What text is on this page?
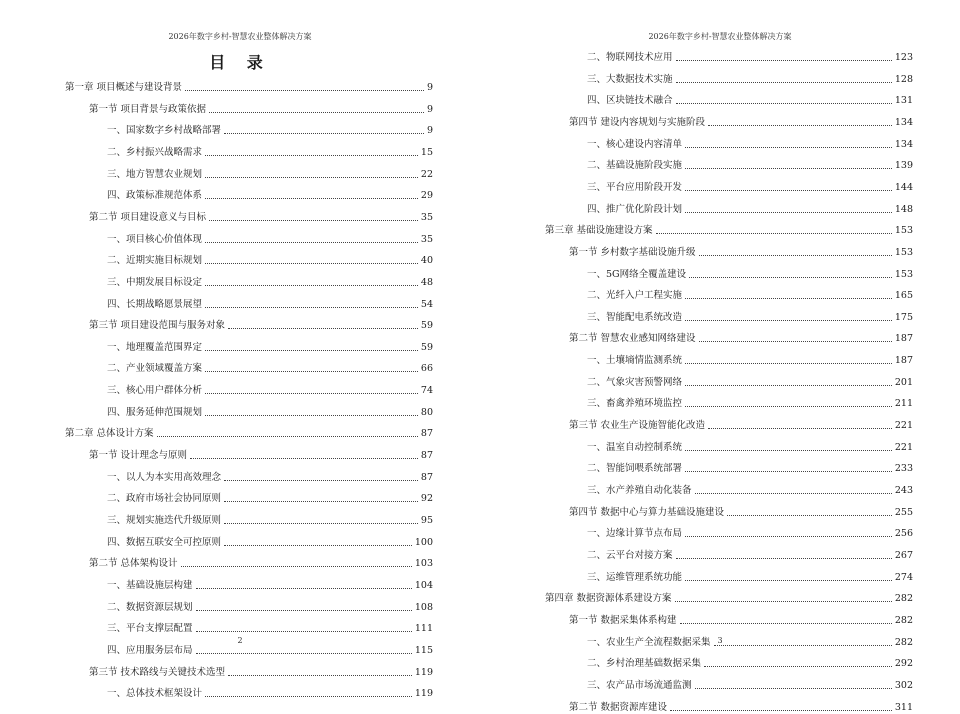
2026年数字乡村-智慧农业整体解决方案
目 录
第一章 项目概述与建设背景	9
第一节 项目背景与政策依据	9
一、国家数字乡村战略部署	9
二、乡村振兴战略需求	15
三、地方智慧农业规划	22
四、政策标准规范体系	29
第二节 项目建设意义与目标	35
一、项目核心价值体现	35
二、近期实施目标规划	40
三、中期发展目标设定	48
四、长期战略愿景展望	54
第三节 项目建设范围与服务对象	59
一、地理覆盖范围界定	59
二、产业领域覆盖方案	66
三、核心用户群体分析	74
四、服务延伸范围规划	80
第二章 总体设计方案	87
第一节 设计理念与原则	87
一、以人为本实用高效理念	87
二、政府市场社会协同原则	92
三、规划实施迭代升级原则	95
四、数据互联安全可控原则	100
第二节 总体架构设计	103
一、基础设施层构建	104
二、数据资源层规划	108
三、平台支撑层配置	111
四、应用服务层布局	115
第三节 技术路线与关键技术选型	119
一、总体技术框架设计	119
2
2026年数字乡村-智慧农业整体解决方案
二、物联网技术应用	123
三、大数据技术实施	128
四、区块链技术融合	131
第四节 建设内容规划与实施阶段	134
一、核心建设内容清单	134
二、基础设施阶段实施	139
三、平台应用阶段开发	144
四、推广优化阶段计划	148
第三章 基础设施建设方案	153
第一节 乡村数字基础设施升级	153
一、5G网络全覆盖建设	153
二、光纤入户工程实施	165
三、智能配电系统改造	175
第二节 智慧农业感知网络建设	187
一、土壤墒情监测系统	187
二、气象灾害预警网络	201
三、畜禽养殖环境监控	211
第三节 农业生产设施智能化改造	221
一、温室自动控制系统	221
二、智能饲喂系统部署	233
三、水产养殖自动化装备	243
第四节 数据中心与算力基础设施建设	255
一、边缘计算节点布局	256
二、云平台对接方案	267
三、运维管理系统功能	274
第四章 数据资源体系建设方案	282
第一节 数据采集体系构建	282
一、农业生产全流程数据采集	282
二、乡村治理基础数据采集	292
三、农产品市场流通监测	302
第二节 数据资源库建设	311
3
